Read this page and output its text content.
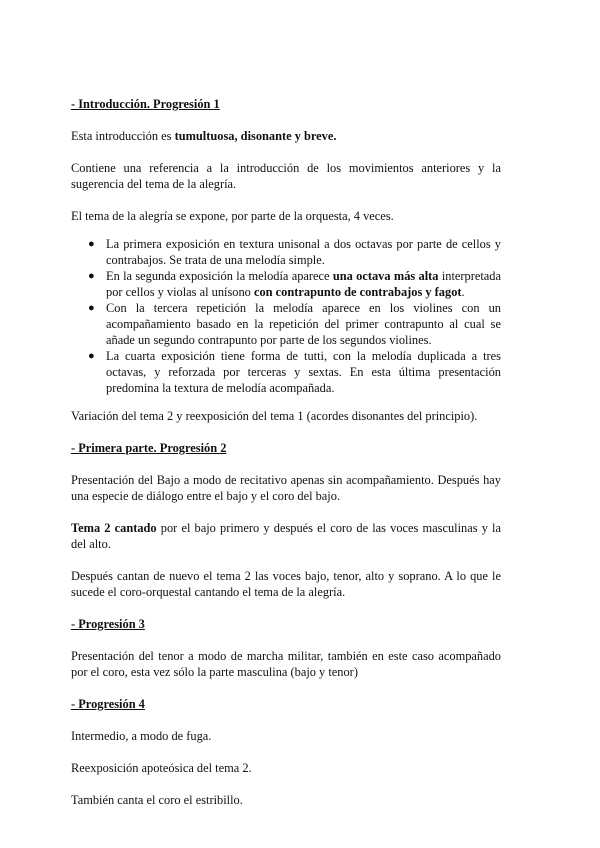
- Introducción. Progresión 1

Esta introducción es tumultuosa, disonante y breve.

Contiene una referencia a la introducción de los movimientos anteriores y la sugerencia del tema de la alegría.

El tema de la alegría se expone, por parte de la orquesta, 4 veces.

● La primera exposición en textura unisonal a dos octavas por parte de cellos y contrabajos. Se trata de una melodía simple.
● En la segunda exposición la melodía aparece una octava más alta interpretada por cellos y violas al unísono con contrapunto de contrabajos y fagot.
● Con la tercera repetición la melodía aparece en los violines con un acompañamiento basado en la repetición del primer contrapunto al cual se añade un segundo contrapunto por parte de los segundos violines.
● La cuarta exposición tiene forma de tutti, con la melodía duplicada a tres octavas, y reforzada por terceras y sextas. En esta última presentación predomina la textura de melodía acompañada.

Variación del tema 2 y reexposición del tema 1 (acordes disonantes del principio).

- Primera parte. Progresión 2

Presentación del Bajo a modo de recitativo apenas sin acompañamiento. Después hay una especie de diálogo entre el bajo y el coro del bajo.

Tema 2 cantado por el bajo primero y después el coro de las voces masculinas y la del alto.

Después cantan de nuevo el tema 2 las voces bajo, tenor, alto y soprano. A lo que le sucede el coro-orquestal cantando el tema de la alegría.

- Progresión 3

Presentación del tenor a modo de marcha militar, también en este caso acompañado por el coro, esta vez sólo la parte masculina (bajo y tenor)

- Progresión 4

Intermedio, a modo de fuga.

Reexposición apoteósica del tema 2.

También canta el coro el estribillo.
